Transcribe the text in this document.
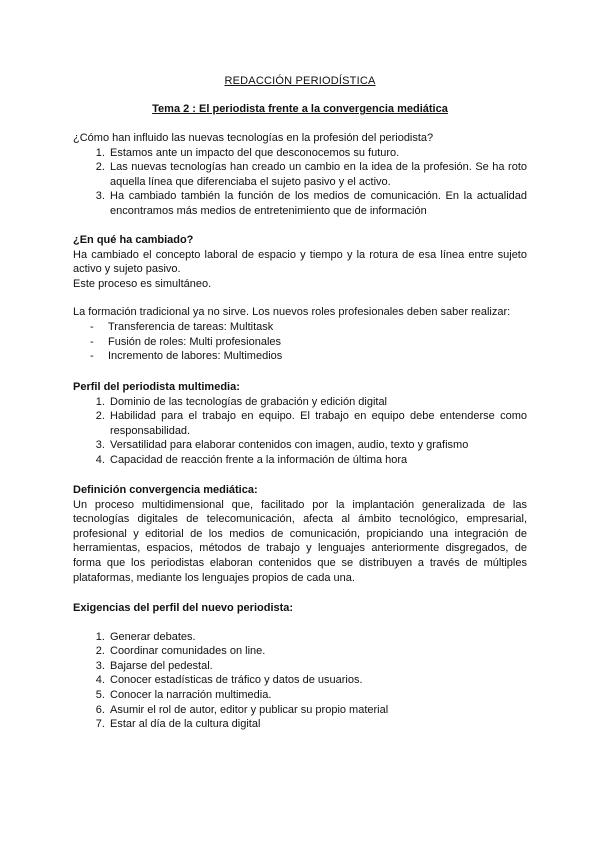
REDACCIÓN PERIODÍSTICA
Tema 2 : El periodista frente a la convergencia mediática

¿Cómo han influido las nuevas tecnologías en la profesión del periodista?

1. Estamos ante un impacto del que desconocemos su futuro.
2. Las nuevas tecnologías han creado un cambio en la idea de la profesión. Se ha roto aquella línea que diferenciaba el sujeto pasivo y el activo.
3. Ha cambiado también la función de los medios de comunicación. En la actualidad encontramos más medios de entretenimiento que de información

¿En qué ha cambiado?

Ha cambiado el concepto laboral de espacio y tiempo y la rotura de esa línea entre sujeto activo y sujeto pasivo.

Este proceso es simultáneo.

La formación tradicional ya no sirve. Los nuevos roles profesionales deben saber realizar:

- Transferencia de tareas: Multitask
- Fusión de roles: Multi profesionales
- Incremento de labores: Multimedios

Perfil del periodista multimedia:

1. Dominio de las tecnologías de grabación y edición digital
2. Habilidad para el trabajo en equipo. El trabajo en equipo debe entenderse como responsabilidad.
3. Versatilidad para elaborar contenidos con imagen, audio, texto y grafismo
4. Capacidad de reacción frente a la información de última hora

Definición convergencia mediática:

Un proceso multidimensional que, facilitado por la implantación generalizada de las tecnologías digitales de telecomunicación, afecta al ámbito tecnológico, empresarial, profesional y editorial de los medios de comunicación, propiciando una integración de herramientas, espacios, métodos de trabajo y lenguajes anteriormente disgregados, de forma que los periodistas elaboran contenidos que se distribuyen a través de múltiples plataformas, mediante los lenguajes propios de cada una.

Exigencias del perfil del nuevo periodista:

1. Generar debates.
2. Coordinar comunidades on line.
3. Bajarse del pedestal.
4. Conocer estadísticas de tráfico y datos de usuarios.
5. Conocer la narración multimedia.
6. Asumir el rol de autor, editor y publicar su propio material
7. Estar al día de la cultura digital
